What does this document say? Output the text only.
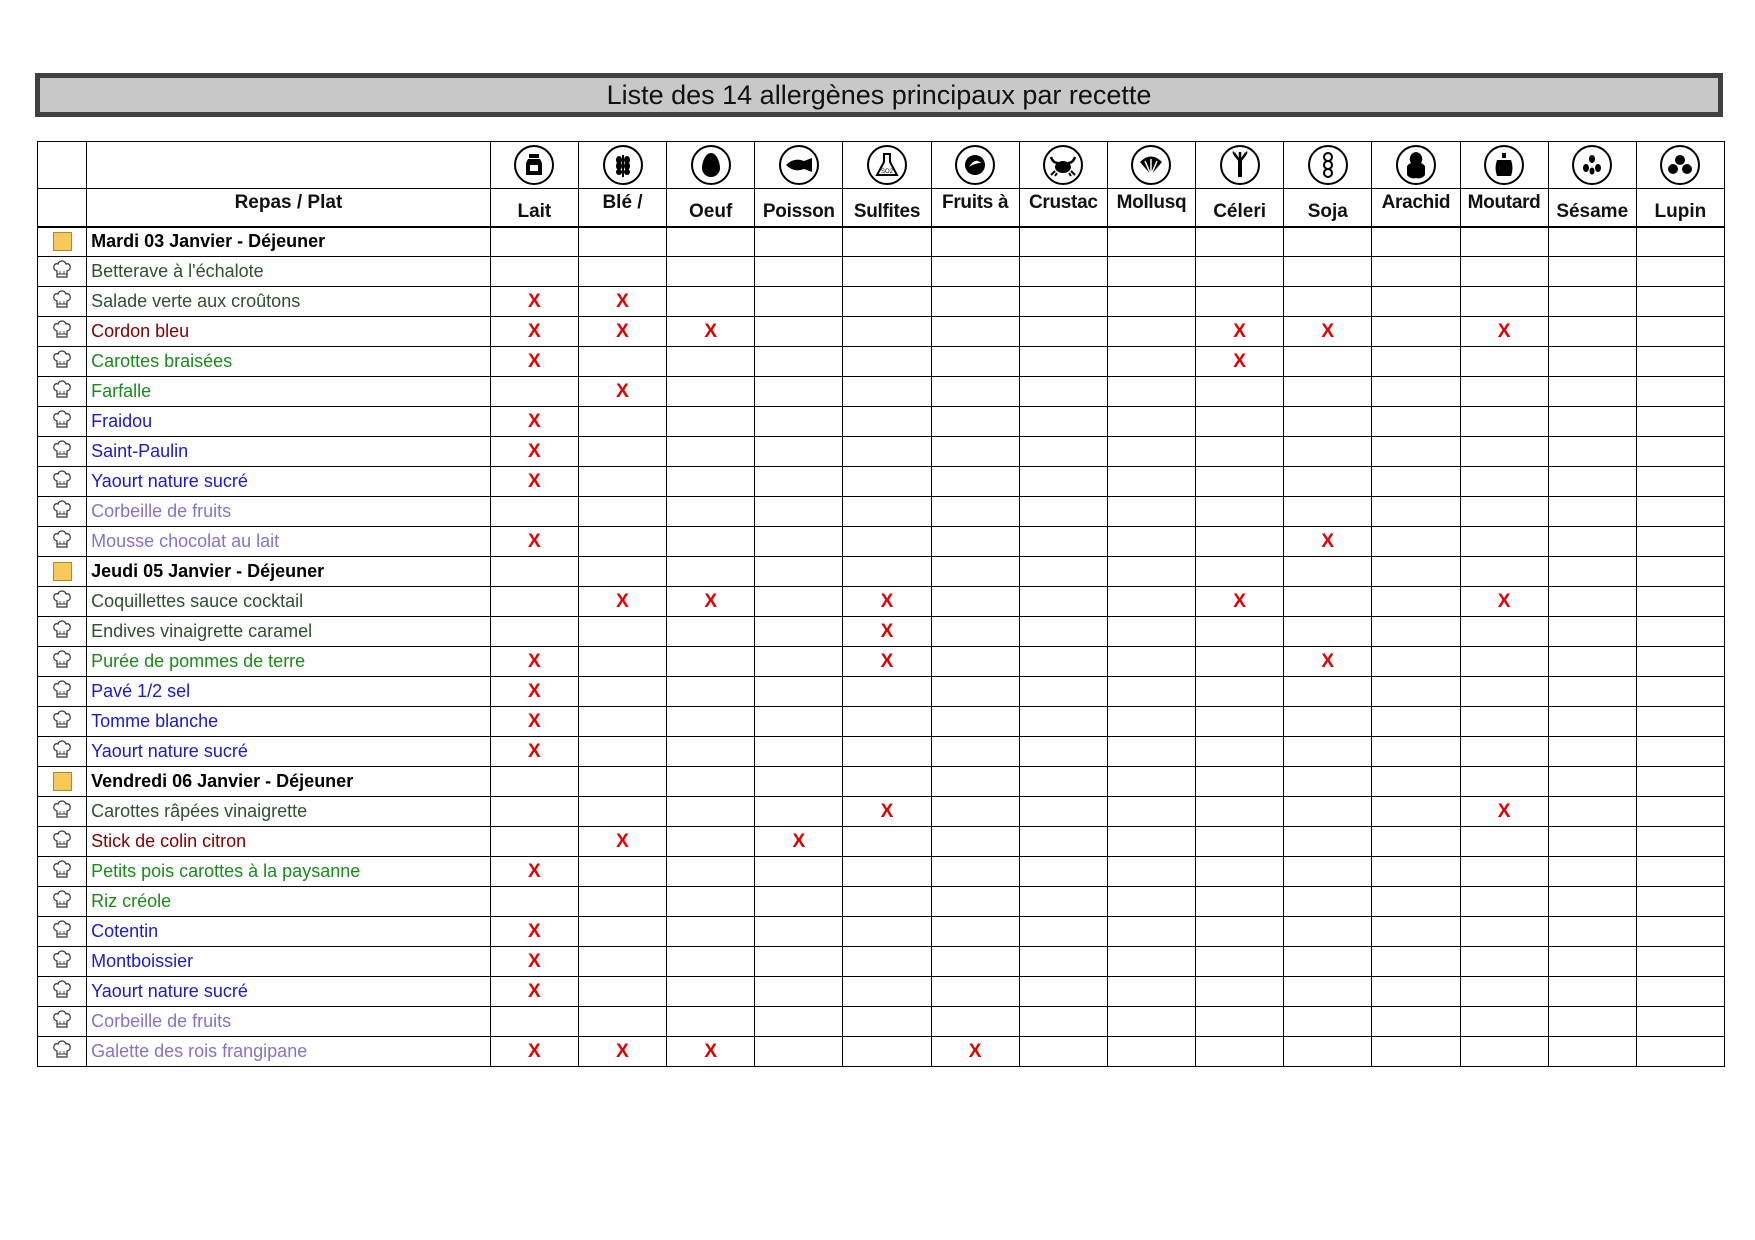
Liste des 14 allergènes principaux par recette

SO2

	Repas / Plat	Lait	Blé /	Oeuf	Poisson	Sulfites	Fruits à	Crustac	Mollusq	Céleri	Soja	Arachid	Moutard	Sésame	Lupin
	Mardi 03 Janvier - Déjeuner														
	Betterave à l'échalote														
	Salade verte aux croûtons	X	X												
	Cordon bleu	X	X	X						X	X		X		
	Carottes braisées	X								X					
	Farfalle		X												
	Fraidou	X													
	Saint-Paulin	X													
	Yaourt nature sucré	X													
	Corbeille de fruits														
	Mousse chocolat au lait	X									X				
	Jeudi 05 Janvier - Déjeuner														
	Coquillettes sauce cocktail		X	X		X				X			X		
	Endives vinaigrette caramel					X									
	Purée de pommes de terre	X				X					X				
	Pavé 1/2 sel	X													
	Tomme blanche	X													
	Yaourt nature sucré	X													
	Vendredi 06 Janvier - Déjeuner														
	Carottes râpées vinaigrette					X							X		
	Stick de colin citron		X		X										
	Petits pois carottes à la paysanne	X													
	Riz créole														
	Cotentin	X													
	Montboissier	X													
	Yaourt nature sucré	X													
	Corbeille de fruits														
	Galette des rois frangipane	X	X	X			X								
